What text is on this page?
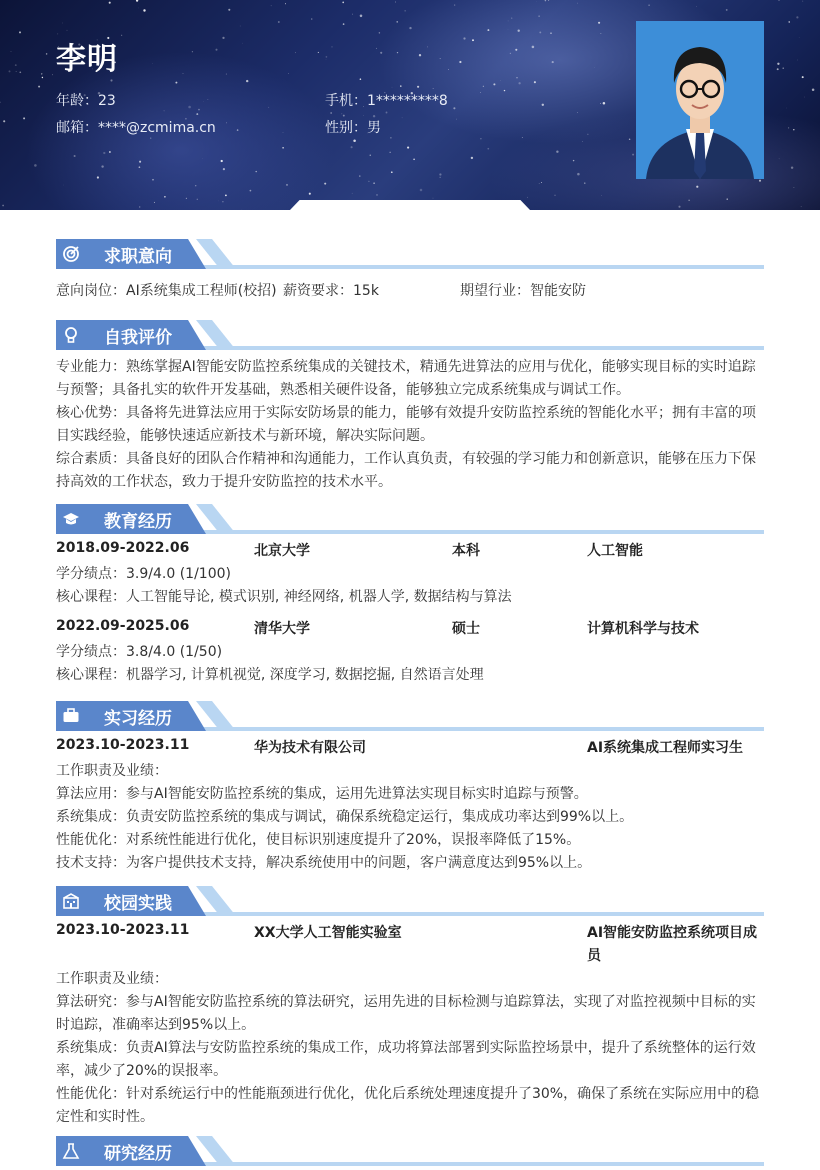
李明
年龄：23	手机：1*********8
邮箱：****@zcmima.cn	性别：男
求职意向
意向岗位：AI系统集成工程师(校招) 薪资要求：15k	期望行业：智能安防
自我评价
专业能力：熟练掌握AI智能安防监控系统集成的关键技术，精通先进算法的应用与优化，能够实现目标的实时追踪
与预警；具备扎实的软件开发基础，熟悉相关硬件设备，能够独立完成系统集成与调试工作。
核心优势：具备将先进算法应用于实际安防场景的能力，能够有效提升安防监控系统的智能化水平；拥有丰富的项
目实践经验，能够快速适应新技术与新环境，解决实际问题。
综合素质：具备良好的团队合作精神和沟通能力，工作认真负责，有较强的学习能力和创新意识，能够在压力下保
持高效的工作状态，致力于提升安防监控的技术水平。
教育经历
2018.09-2022.06	北京大学	本科	人工智能
学分绩点：3.9/4.0 (1/100)
核心课程：人工智能导论, 模式识别, 神经网络, 机器人学, 数据结构与算法
2022.09-2025.06	清华大学	硕士	计算机科学与技术
学分绩点：3.8/4.0 (1/50)
核心课程：机器学习, 计算机视觉, 深度学习, 数据挖掘, 自然语言处理
实习经历
2023.10-2023.11	华为技术有限公司	AI系统集成工程师实习生
工作职责及业绩：
算法应用：参与AI智能安防监控系统的集成，运用先进算法实现目标实时追踪与预警。
系统集成：负责安防监控系统的集成与调试，确保系统稳定运行，集成成功率达到99%以上。
性能优化：对系统性能进行优化，使目标识别速度提升了20%，误报率降低了15%。
技术支持：为客户提供技术支持，解决系统使用中的问题，客户满意度达到95%以上。
校园实践
2023.10-2023.11	XX大学人工智能实验室	AI智能安防监控系统项目成
员
工作职责及业绩：
算法研究：参与AI智能安防监控系统的算法研究，运用先进的目标检测与追踪算法，实现了对监控视频中目标的实
时追踪，准确率达到95%以上。
系统集成：负责AI算法与安防监控系统的集成工作，成功将算法部署到实际监控场景中，提升了系统整体的运行效
率，减少了20%的误报率。
性能优化：针对系统运行中的性能瓶颈进行优化，优化后系统处理速度提升了30%，确保了系统在实际应用中的稳
定性和实时性。
研究经历
